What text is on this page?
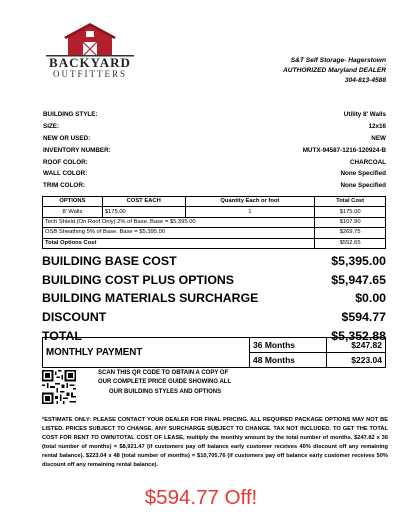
BACKYARD
OUTFITTERS
S&T Self Storage- Hagerstown
AUTHORIZED Maryland DEALER
304-813-4588
BUILDING STYLE:	Utility 8' Walls
SIZE:	12x16
NEW OR USED:	NEW
INVENTORY NUMBER:	MUTX-94587-1216-120924-B
ROOF COLOR:	CHARCOAL
WALL COLOR:	None Specified
TRIM COLOR:	None Specified
OPTIONS	COST EACH	Quantity Each or foot	Total Cost
8' Walls	$175.00	1	$175.00
Tech Shield (On Roof Only) 2% of Base. Base = $5,395.00			$107.90
OSB Sheathing 5% of Base. Base = $5,395.00			$269.75
Total Options Cost			$552.65
BUILDING BASE COST	$5,395.00
BUILDING COST PLUS OPTIONS	$5,947.65
BUILDING MATERIALS SURCHARGE	$0.00
DISCOUNT	$594.77
TOTAL	$5,352.88
MONTHLY PAYMENT	36 Months	$247.82
	48 Months	$223.04
SCAN THIS QR CODE TO OBTAIN A COPY OF
OUR COMPLETE PRICE GUIDE SHOWING ALL
OUR BUILDING STYLES AND OPTIONS
*ESTIMATE ONLY: PLEASE CONTACT YOUR DEALER FOR FINAL PRICING. ALL REQUIRED PACKAGE OPTIONS MAY NOT BE LISTED. PRICES SUBJECT TO CHANGE. ANY SURCHARGE SUBJECT TO CHANGE. TAX NOT INCLUDED. TO GET THE TOTAL COST FOR RENT TO OWN/TOTAL COST OF LEASE, multiply the monthly amount by the total number of months. $247.82 x 36 (total number of months) = $8,921.47 (if customers pay off balance early customer receives 40% discount off any remaining rental balance). $223.04 x 48 (total number of months) = $10,705.76 (if customers pay off balance early customer receives 50% discount off any remaining rental balance).
$594.77 Off!
